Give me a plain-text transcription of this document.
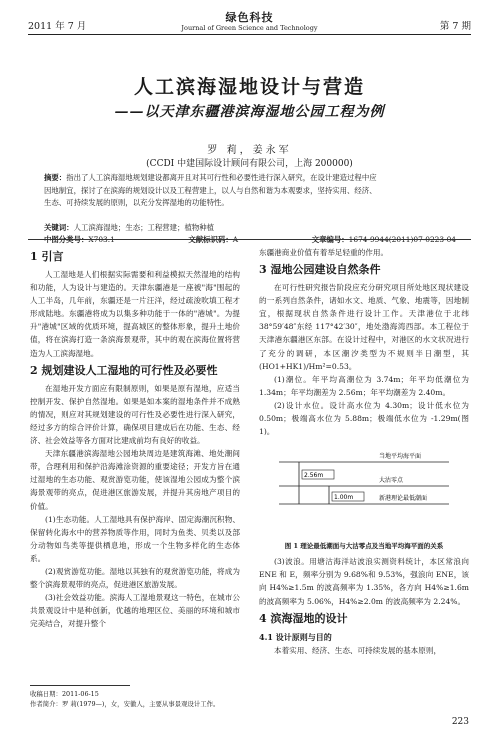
2011 年 7 月
绿色科技
Journal of Green Science and Technology	第 7 期
人工滨海湿地设计与营造
——以天津东疆港滨海湿地公园工程为例
罗 莉，姜永军
(CCDI 中建国际设计顾问有限公司，上海 200000)
摘要：指出了人工滨海湿地规划建设都离开且对其可行性和必要性进行深入研究，在设计建造过程中应
因地制宜，探讨了在滨海的规划设计以及工程营建上，以人与自然和谐为本观要求，坚持实用、经济、
生态、可持续发展的原则，以充分发挥湿地的功能特性。
关键词：人工滨海湿地；生态；工程营建；植物种植
中图分类号：X703.1	文献标识码：A	文章编号：1674-9944(2011)07-0223-04
1 引言

人工湿地是人们根据实际需要和利益模拟天然湿地的结构和功能，人为设计与建造的。天津东疆港是一座被"海"围起的人工半岛，几年前，东疆还是一片汪洋，经过疏浚吹填工程才形成陆地。东疆港将成为以集多种功能于一体的"港城"。为提升"港城"区域的优质环境，提高城区的整体形象，提升土地价值，将在滨海打造一条滨海景观带，其中的观在滨海位置将营造为人工滨海湿地。

2 规划建设人工湿地的可行性及必要性

在湿地开发方面应有限制原则，如果是原有湿地，应适当控制开发、保护自然湿地。如果是如本案的湿地条件并不成熟的情况，则应对其规划建设的可行性及必要性进行深入研究，经过多方的综合评价计算，确保项目建成后在功能、生态、经济、社会效益等各方面对比建成前均有良好的收益。

天津东疆港滨海湿地公园地块周边是建筑海滩、地处潮间带，合理利用和保护沿海滩涂资源的重要途径；开发方旨在通过湿地的生态功能、观赏游览功能，使该湿地公园成为整个滨海景观带的亮点，促进港区旅游发展，并提升其房地产项目的价值。

(1)生态功能。人工湿地具有保护海岸、固定海潮沉积物、保留转化海水中的营养物质等作用，同时为鱼类、贝类以及部分动物如鸟类等提供栖息地，形成一个生物多样化的生态体系。

(2)观赏游览功能。湿地以其独有的观赏游览功能，将成为整个滨海景观带的亮点，促进港区旅游发展。

(3)社会效益功能。滨海人工湿地景观这一特色，在城市公共景观设计中是种创新，优越的地理区位、美丽的环境和城市完美结合，对提升整个

东疆港商业价值有着举足轻重的作用。

3 湿地公园建设自然条件

在可行性研究报告阶段应充分研究项目所处地区现状建设的一系列自然条件，诸如水文、地质、气象、地震等，因地制宜，根据现状自然条件进行设计工作。天津港位于北纬 38°59′48″东经 117°42′30″，地处渤海湾西部。本工程位于天津港东疆港区东部。在设计过程中，对港区的水文状况进行了充分的调研，本区潮汐类型为不规则半日潮型，其(HO1+HK1)/Hm²=0.53。

(1)潮位。年平均高潮位为 3.74m；年平均低潮位为 1.34m；年平均潮差为 2.56m；年平均潮差为 2.40m。

(2)设计水位。设计高水位为 4.30m；设计低水位为 0.50m；极端高水位为 5.88m；极端低水位为 -1.29m(图 1)。

2.56m
1.00m
当地平均海平面
大沽零点
新港理论最低潮面
图 1 理论最低潮面与大沽零点及当地平均海平面的关系

(3)波浪。用塘沽海洋站波浪实测资料统计，本区常浪向 ENE 和 E，频率分别为 9.68%和 9.53%，强浪向 ENE，该向 H4%≥1.5m 的波高频率为 1.35%，各方向 H4%≥1.6m 的波高频率为 5.06%，H4%≥2.0m 的波高频率为 2.24%。

4 滨海湿地的设计
4.1 设计原则与目的

本着实用、经济、生态、可持续发展的基本原则，

收稿日期：2011-06-15
作者简介：罗 莉(1979—)，女，安徽人，主要从事景观设计工作。
223
